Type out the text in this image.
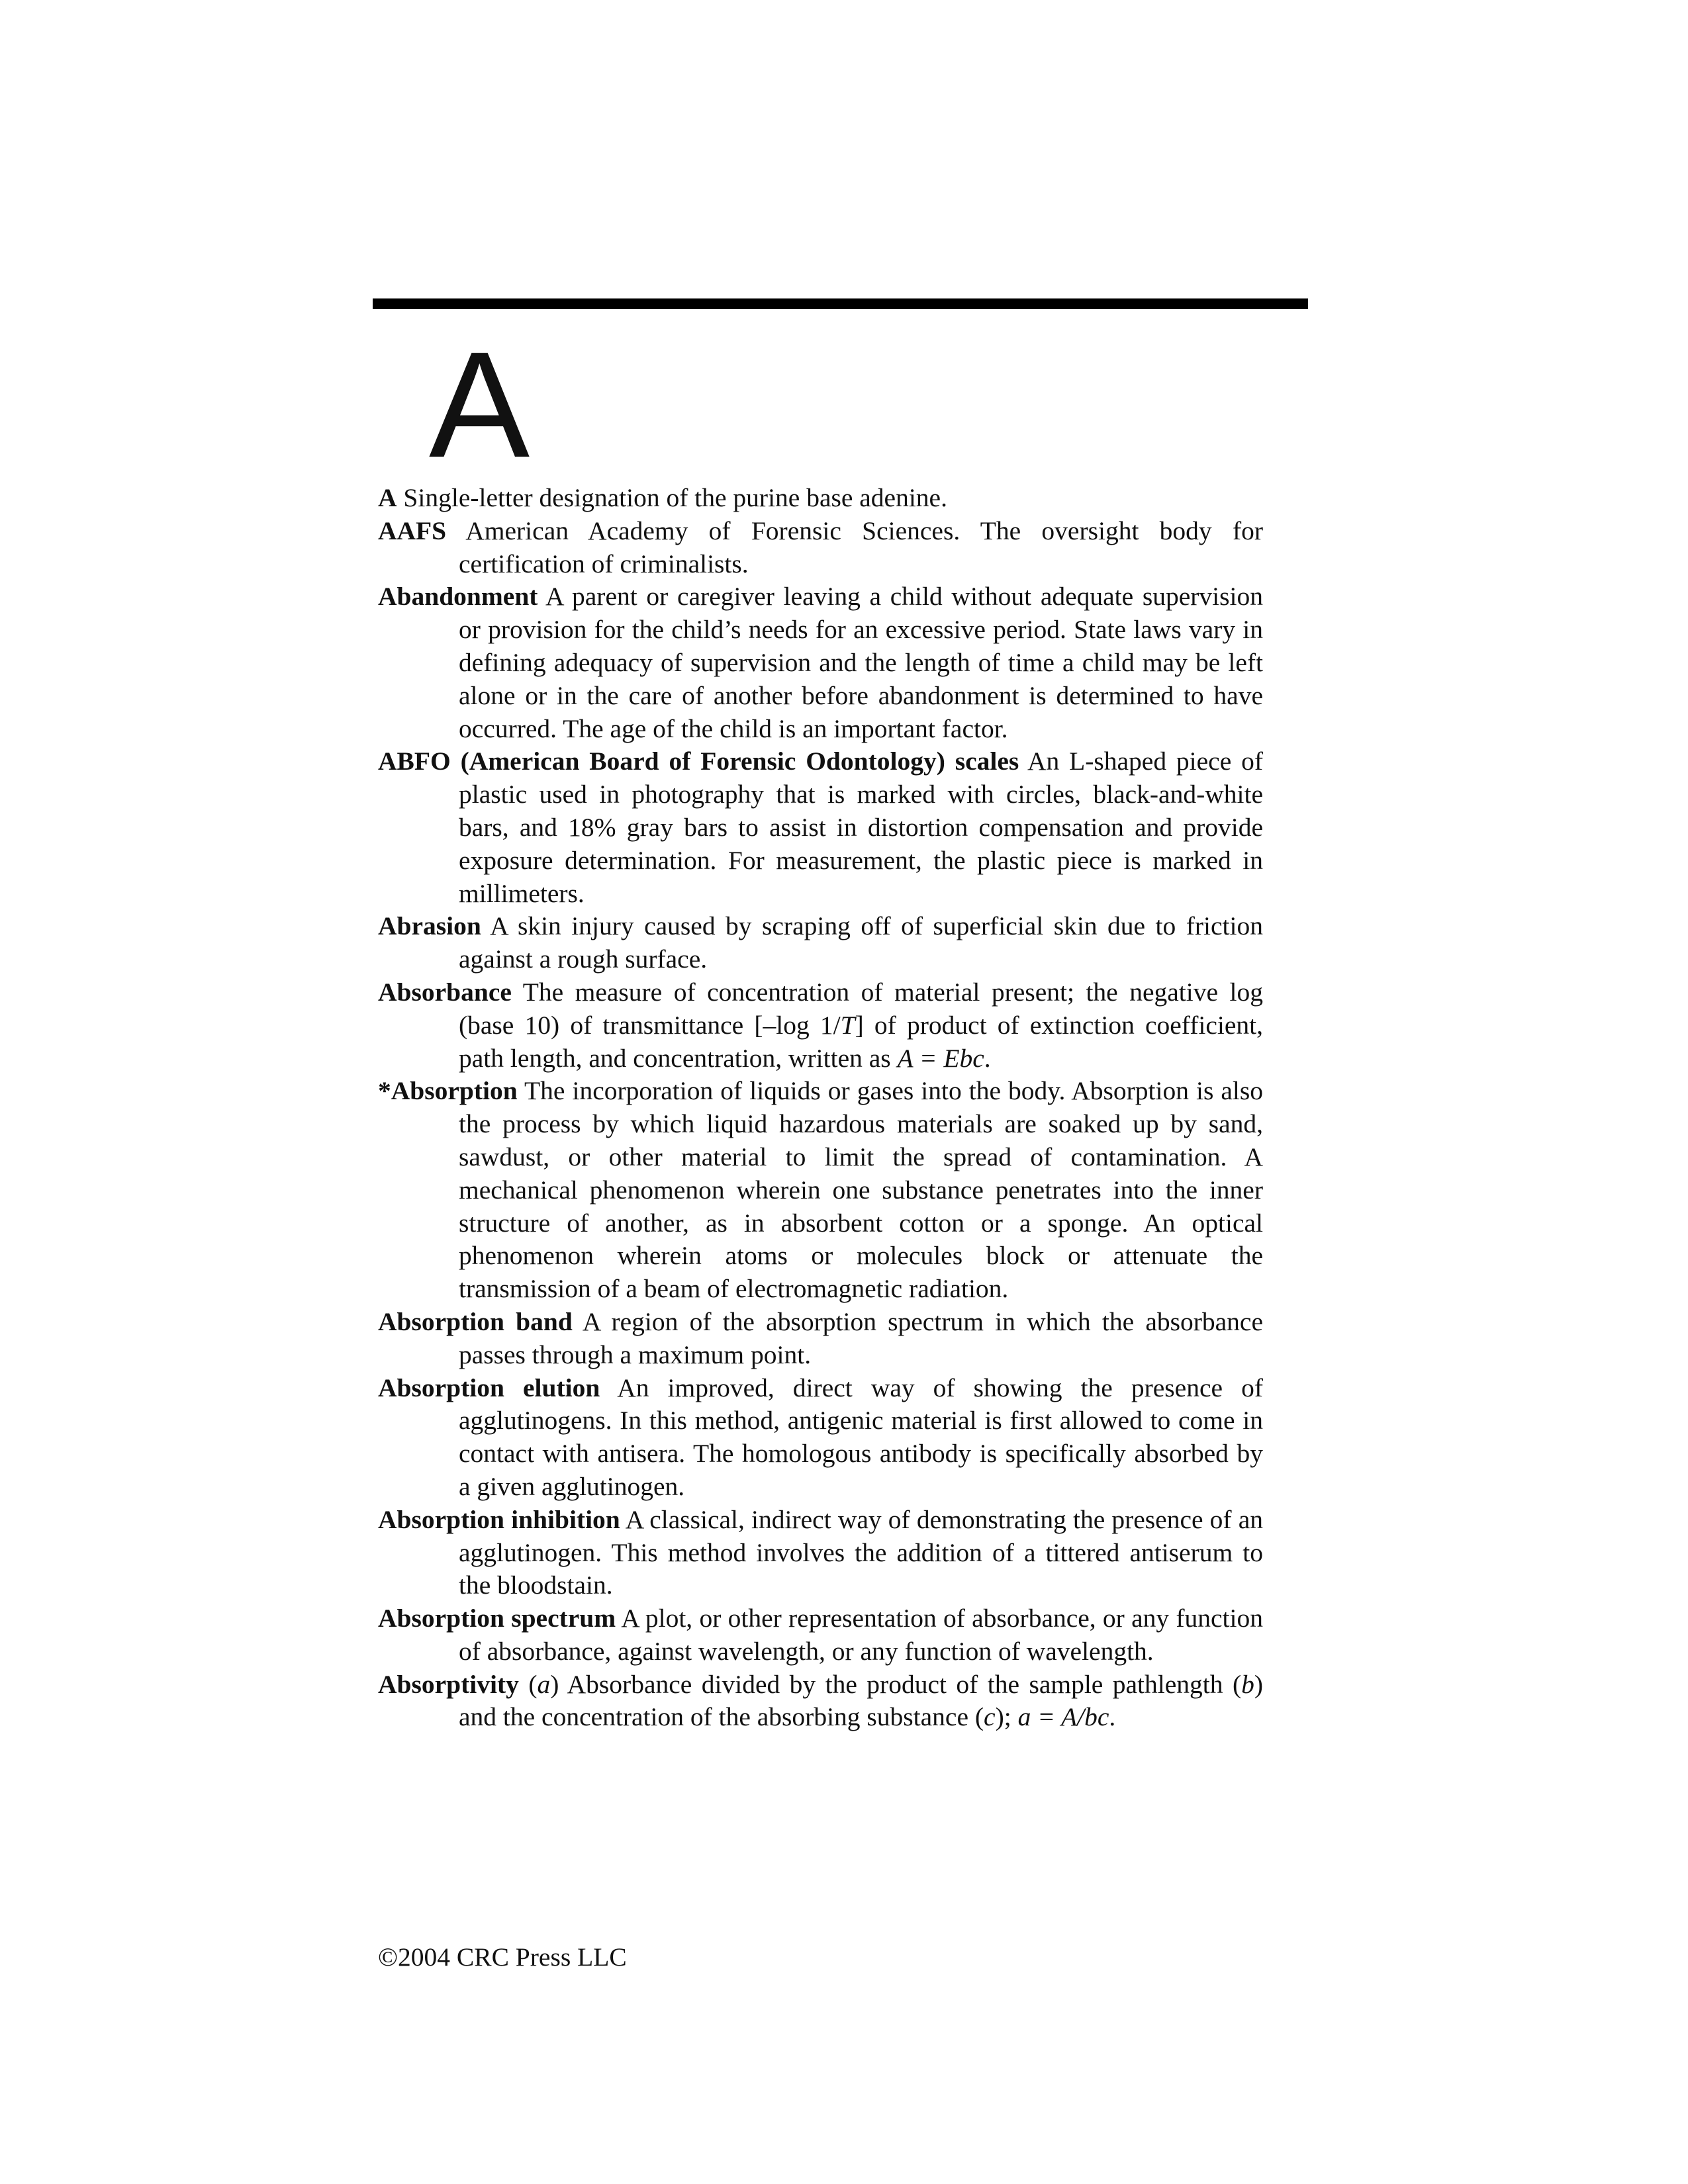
A

A Single-letter designation of the purine base adenine.

AAFS American Academy of Forensic Sciences. The oversight body for certification of criminalists.

Abandonment A parent or caregiver leaving a child without adequate supervision or provision for the child’s needs for an excessive period. State laws vary in defining adequacy of supervision and the length of time a child may be left alone or in the care of another before abandonment is determined to have occurred. The age of the child is an important factor.

ABFO (American Board of Forensic Odontology) scales An L-shaped piece of plastic used in photography that is marked with circles, black-and-white bars, and 18% gray bars to assist in distortion compensation and provide exposure determination. For measurement, the plastic piece is marked in millimeters.

Abrasion A skin injury caused by scraping off of superficial skin due to friction against a rough surface.

Absorbance The measure of concentration of material present; the negative log (base 10) of transmittance [–log 1/T] of product of extinction coefficient, path length, and concentration, written as A = Ebc.

*Absorption The incorporation of liquids or gases into the body. Absorption is also the process by which liquid hazardous materials are soaked up by sand, sawdust, or other material to limit the spread of contamination. A mechanical phenomenon wherein one substance penetrates into the inner structure of another, as in absorbent cotton or a sponge. An optical phenomenon wherein atoms or molecules block or attenuate the transmission of a beam of electromagnetic radiation.

Absorption band A region of the absorption spectrum in which the absorbance passes through a maximum point.

Absorption elution An improved, direct way of showing the presence of agglutinogens. In this method, antigenic material is first allowed to come in contact with antisera. The homologous antibody is specifically absorbed by a given agglutinogen.

Absorption inhibition A classical, indirect way of demonstrating the presence of an agglutinogen. This method involves the addition of a tittered antiserum to the bloodstain.

Absorption spectrum A plot, or other representation of absorbance, or any function of absorbance, against wavelength, or any function of wavelength.

Absorptivity (a) Absorbance divided by the product of the sample pathlength (b) and the concentration of the absorbing substance (c); a = A/bc.

©2004 CRC Press LLC
